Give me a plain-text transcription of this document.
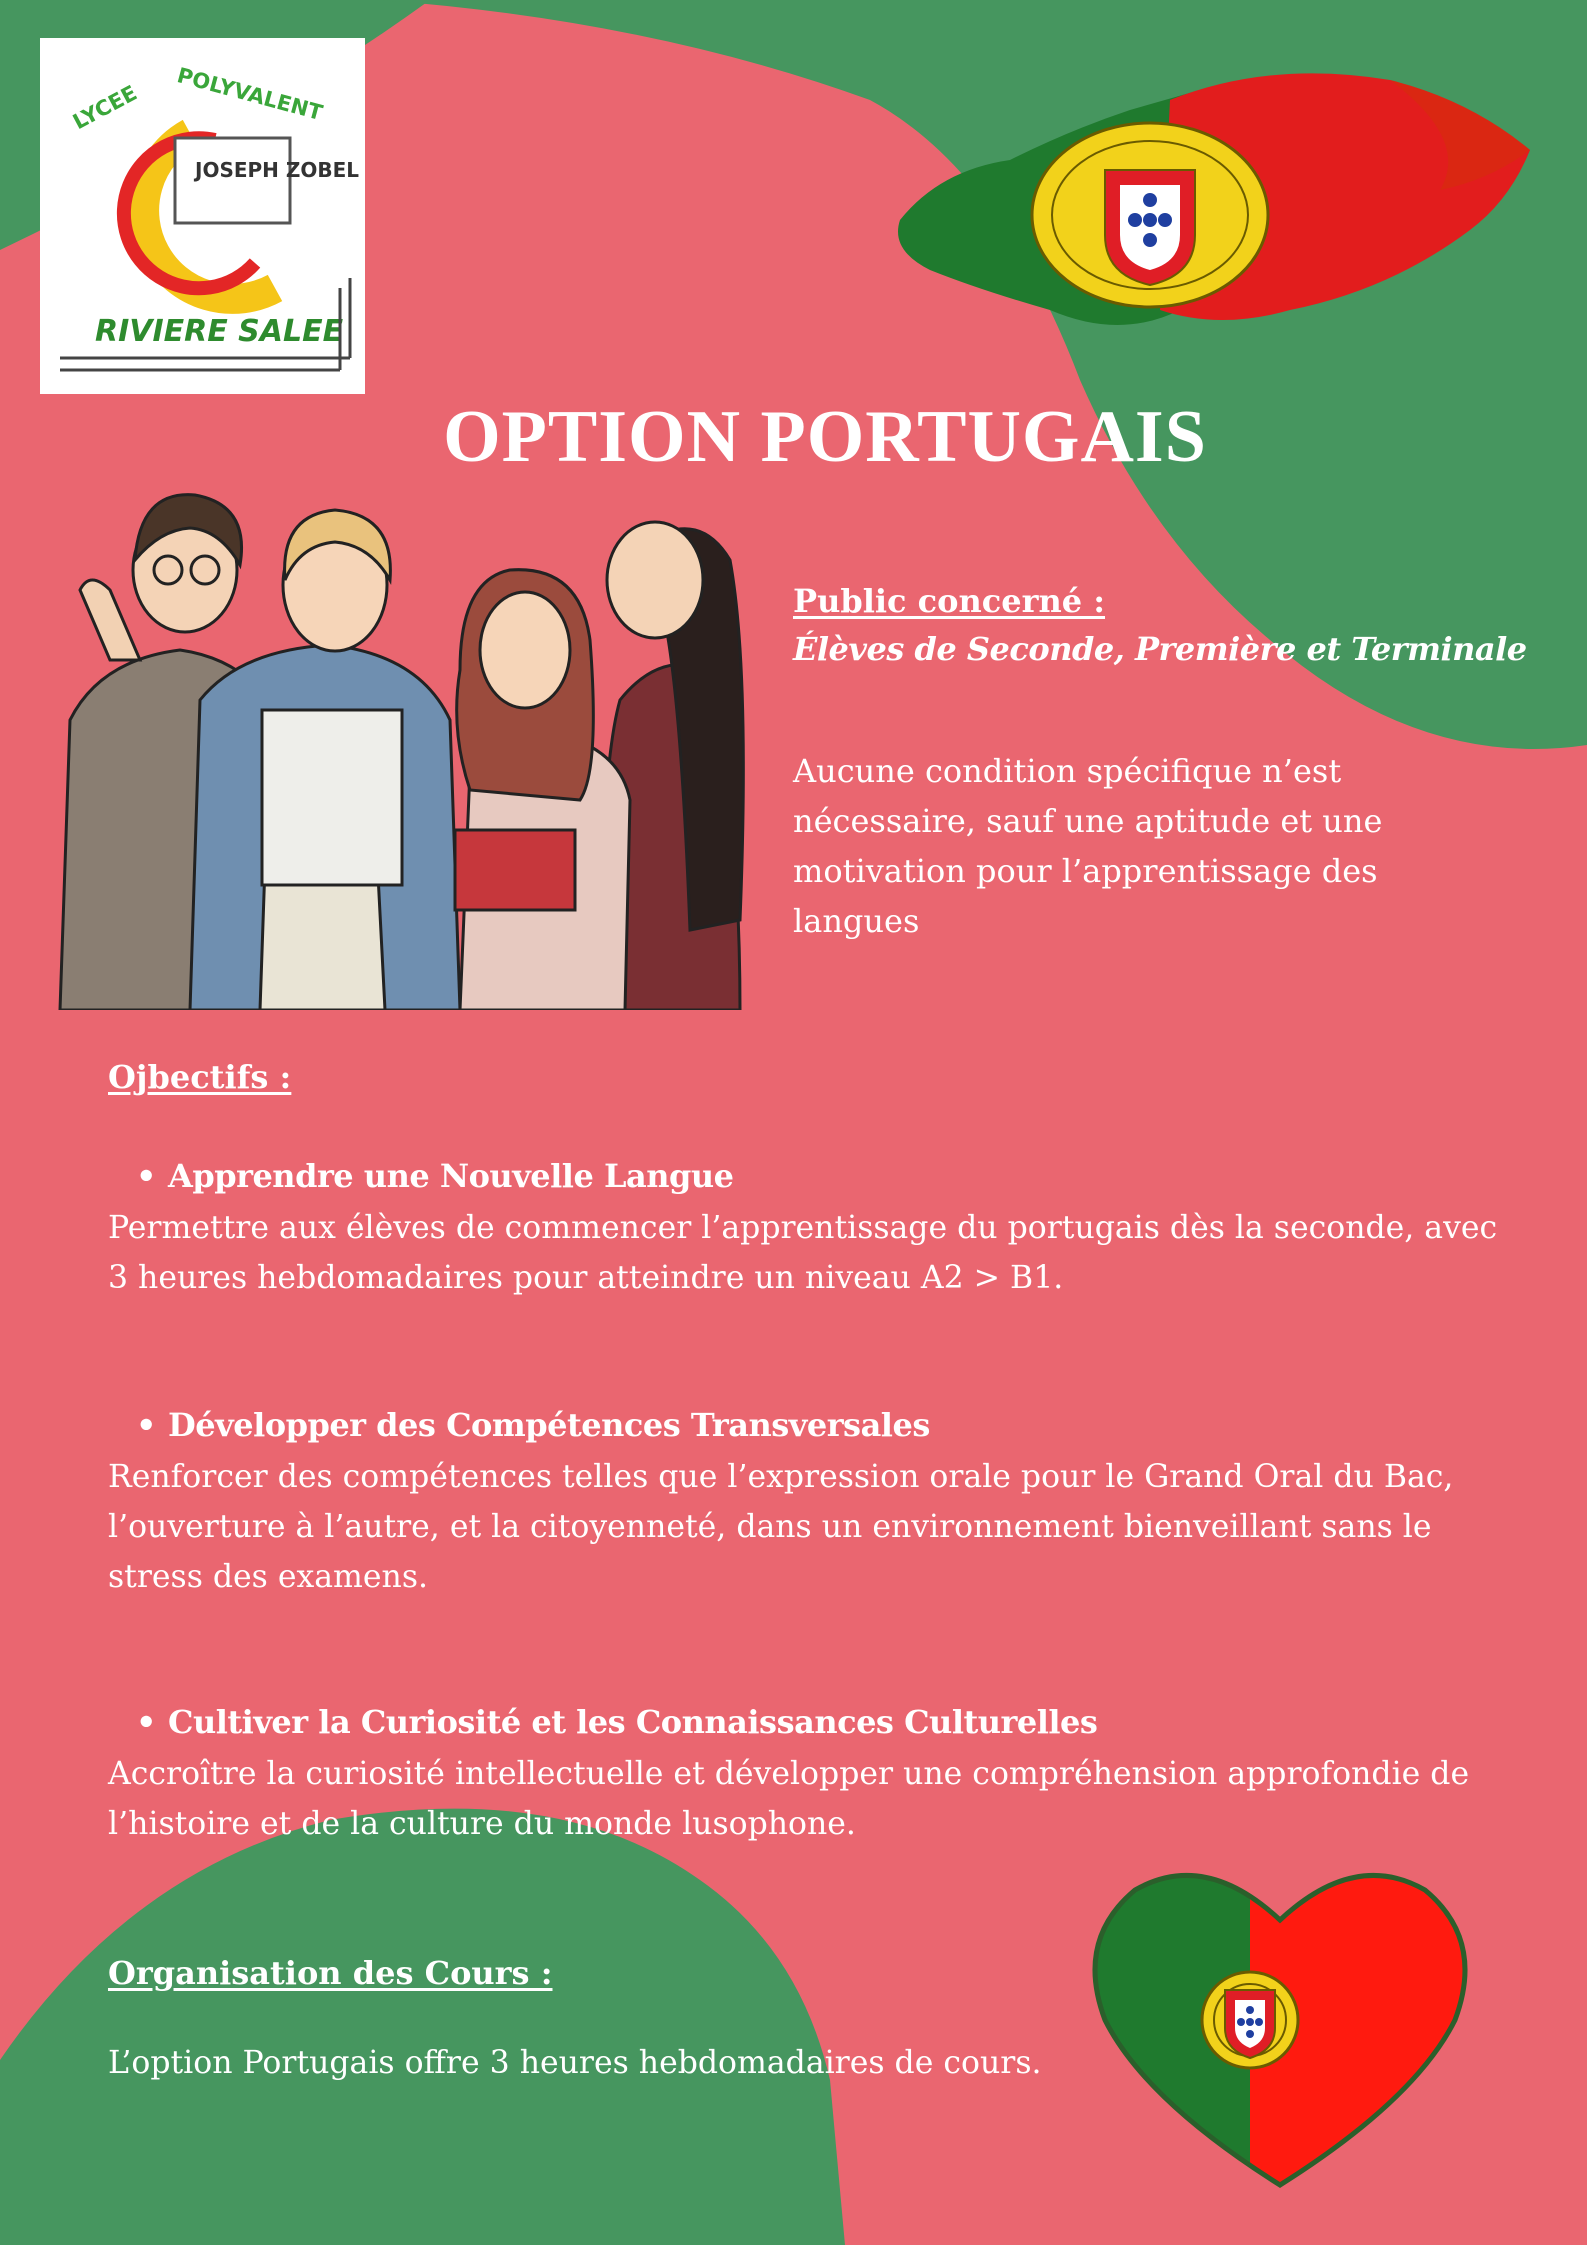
JOSEPH ZOBEL
LYCEE POLYVALENT
RIVIERE SALEE
OPTION PORTUGAIS
Public concerné :
Élèves de Seconde, Première et Terminale
Aucune condition spécifique n’est nécessaire, sauf une aptitude et une motivation pour l’apprentissage des langues
Ojbectifs :
• Apprendre une Nouvelle Langue
Permettre aux élèves de commencer l’apprentissage du portugais dès la seconde, avec 3 heures hebdomadaires pour atteindre un niveau A2 > B1.
• Développer des Compétences Transversales
Renforcer des compétences telles que l’expression orale pour le Grand Oral du Bac, l’ouverture à l’autre, et la citoyenneté, dans un environnement bienveillant sans le stress des examens.
• Cultiver la Curiosité et les Connaissances Culturelles
Accroître la curiosité intellectuelle et développer une compréhension approfondie de l’histoire et de la culture du monde lusophone.
Organisation des Cours :
L’option Portugais offre 3 heures hebdomadaires de cours.
